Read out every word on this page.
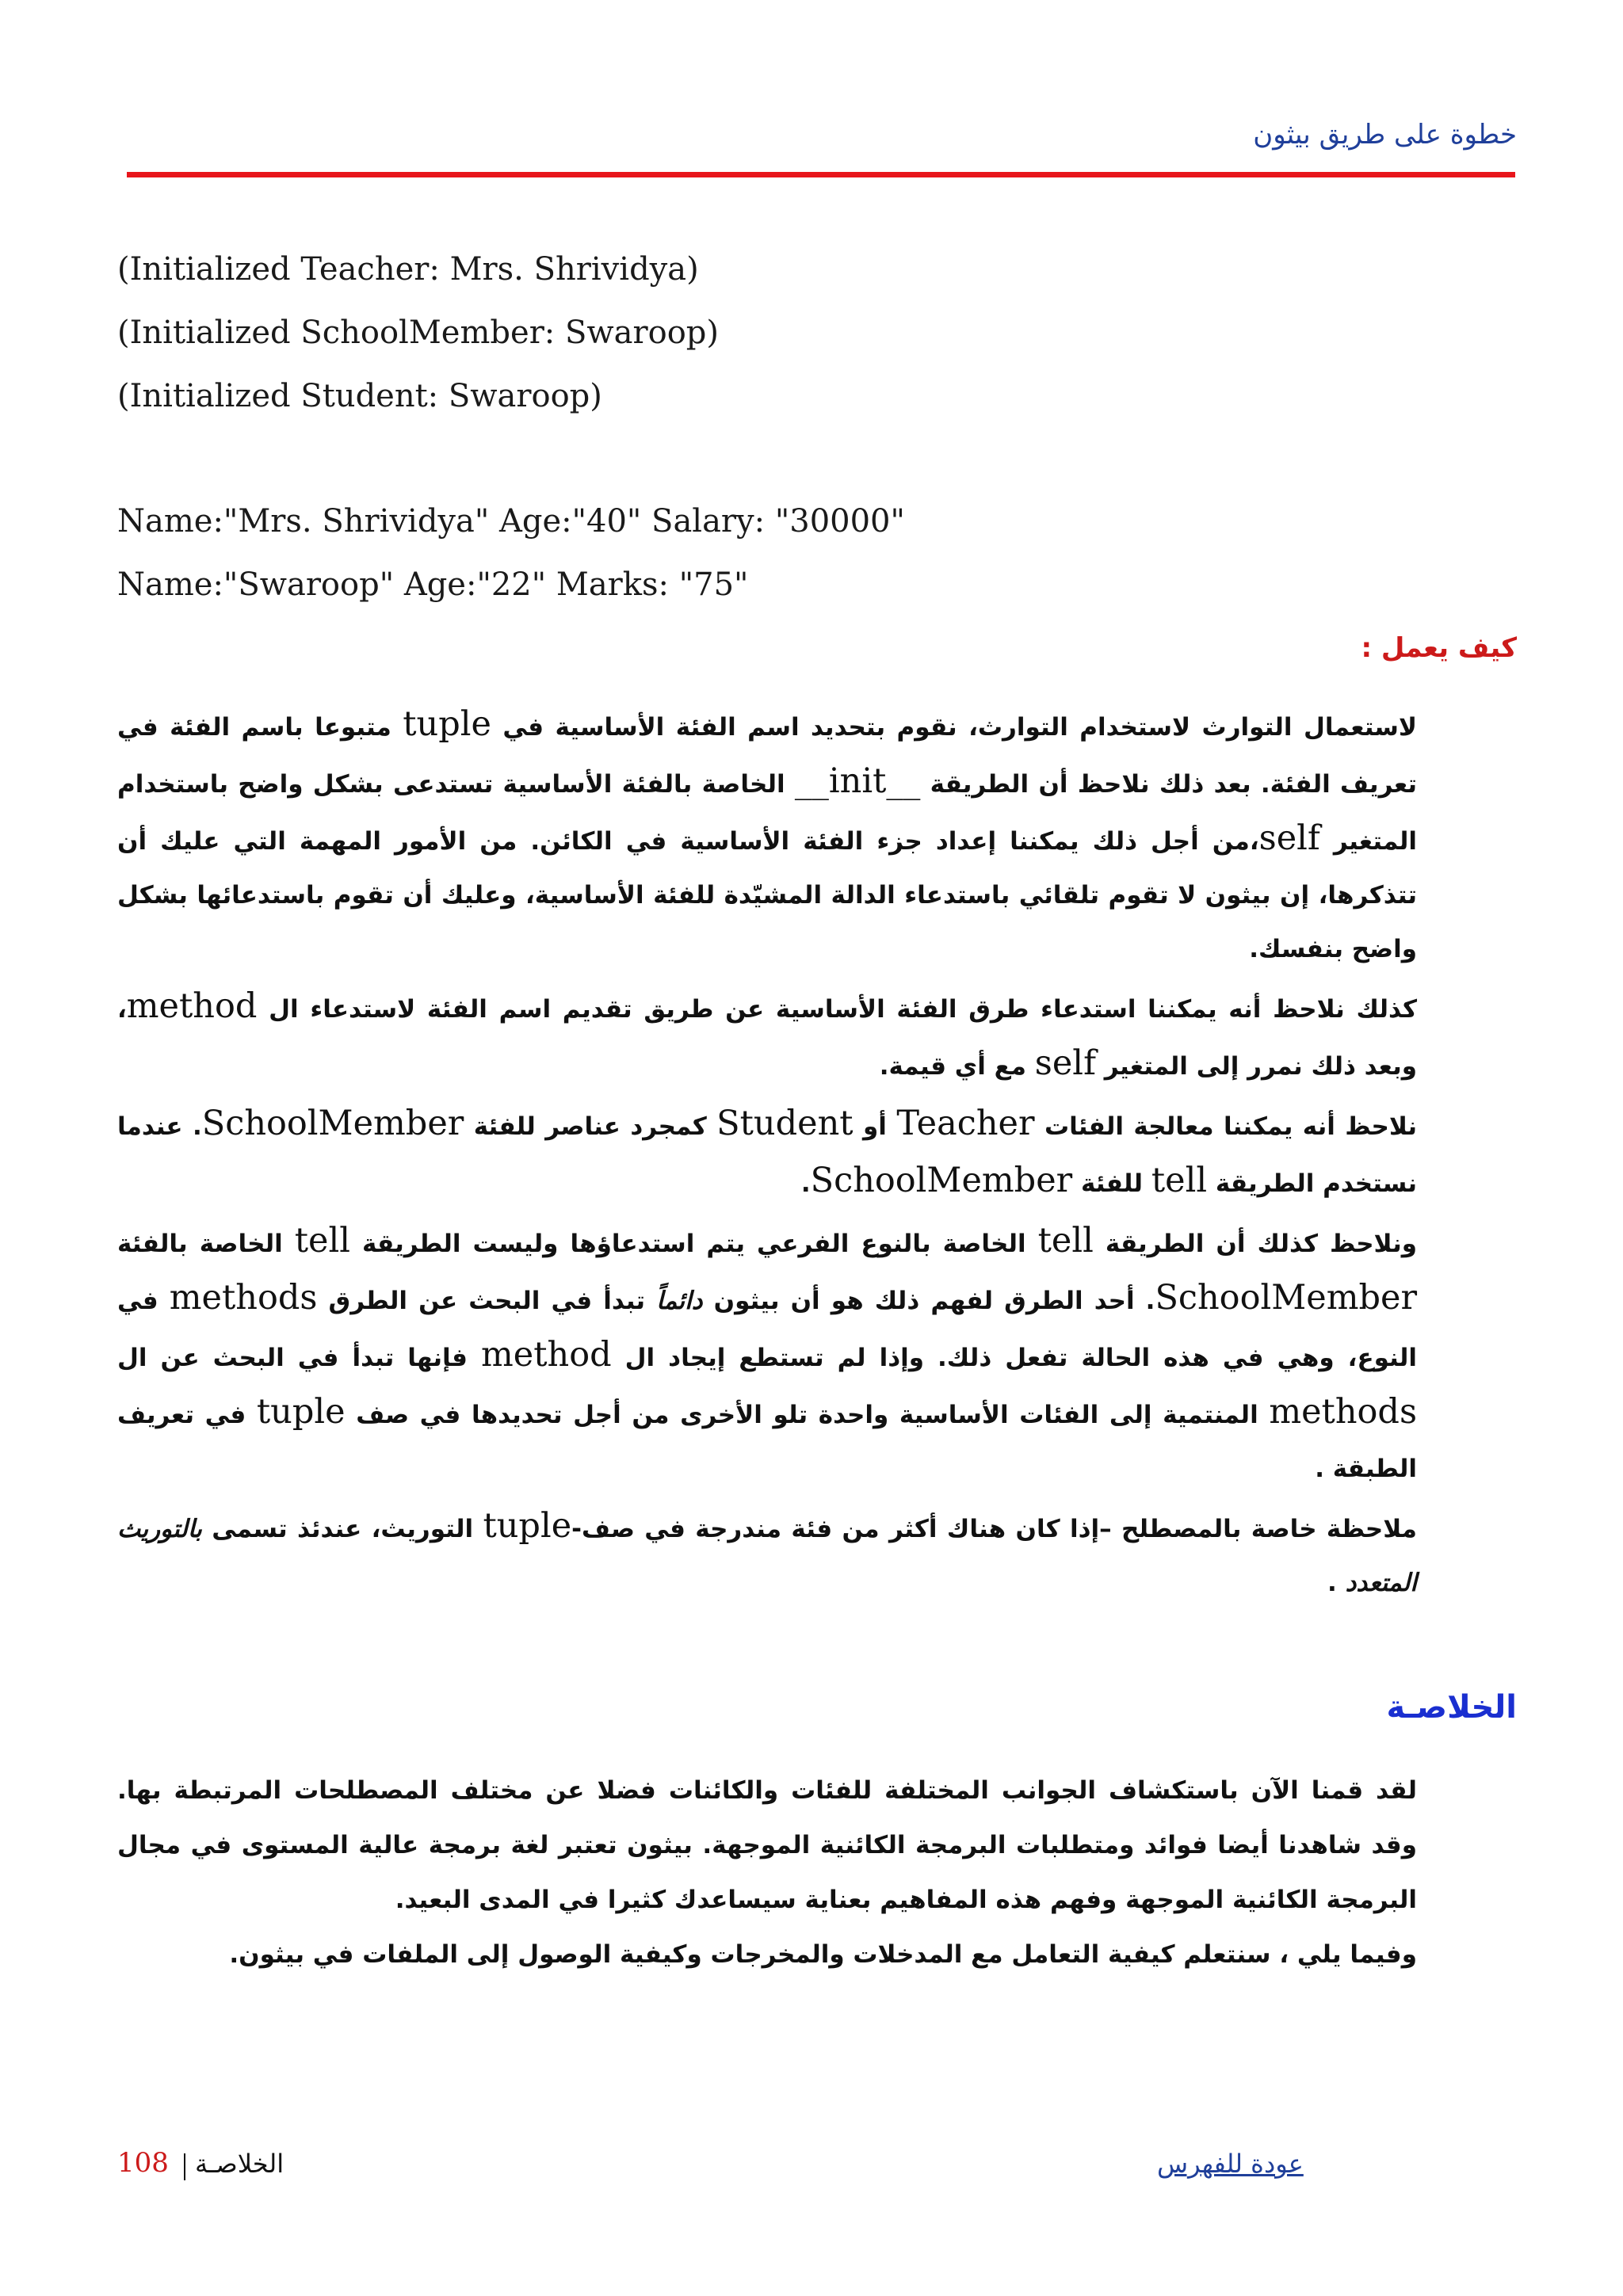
خطوة على طريق بيثون
(Initialized Teacher: Mrs. Shrividya)
(Initialized SchoolMember: Swaroop)
(Initialized Student: Swaroop)
Name:"Mrs. Shrividya" Age:"40" Salary: "30000"
Name:"Swaroop" Age:"22" Marks: "75"
كيف يعمل :

لاستعمال التوارث لاستخدام التوارث، نقوم بتحديد اسم الفئة الأساسية في tuple متبوعا باسم الفئة في تعريف الفئة. بعد ذلك نلاحظ أن الطريقة __init__ الخاصة بالفئة الأساسية تستدعى بشكل واضح باستخدام المتغير self،من أجل ذلك يمكننا إعداد جزء الفئة الأساسية في الكائن. من الأمور المهمة التي عليك أن تتذكرها، إن بيثون لا تقوم تلقائي باستدعاء الدالة المشيّدة للفئة الأساسية، وعليك أن تقوم باستدعائها بشكل واضح بنفسك.

كذلك نلاحظ أنه يمكننا استدعاء طرق الفئة الأساسية عن طريق تقديم اسم الفئة لاستدعاء ال method، وبعد ذلك نمرر إلى المتغير self مع أي قيمة.

نلاحظ أنه يمكننا معالجة الفئات Teacher أو Student كمجرد عناصر للفئة SchoolMember. عندما نستخدم الطريقة tell للفئة SchoolMember.

ونلاحظ كذلك أن الطريقة tell الخاصة بالنوع الفرعي يتم استدعاؤها وليست الطريقة tell الخاصة بالفئة SchoolMember. أحد الطرق لفهم ذلك هو أن بيثون دائماً تبدأ في البحث عن الطرق methods في النوع، وهي في هذه الحالة تفعل ذلك. وإذا لم تستطع إيجاد ال method فإنها تبدأ في البحث عن ال methods المنتمية إلى الفئات الأساسية واحدة تلو الأخرى من أجل تحديدها في صف tuple في تعريف الطبقة .

ملاحظة خاصة بالمصطلح –إذا كان هناك أكثر من فئة مندرجة في صف-tuple التوريث، عندئذ تسمى بالتوريث المتعدد .

الخلاصـة

لقد قمنا الآن باستكشاف الجوانب المختلفة للفئات والكائنات فضلا عن مختلف المصطلحات المرتبطة بها. وقد شاهدنا أيضا فوائد ومتطلبات البرمجة الكائنية الموجهة. بيثون تعتبر لغة برمجة عالية المستوى في مجال البرمجة الكائنية الموجهة وفهم هذه المفاهيم بعناية سيساعدك كثيرا في المدى البعيد.

وفيما يلي ، سنتعلم كيفية التعامل مع المدخلات والمخرجات وكيفية الوصول إلى الملفات في بيثون.

108 الخلاصـة	عودة للفهرس
